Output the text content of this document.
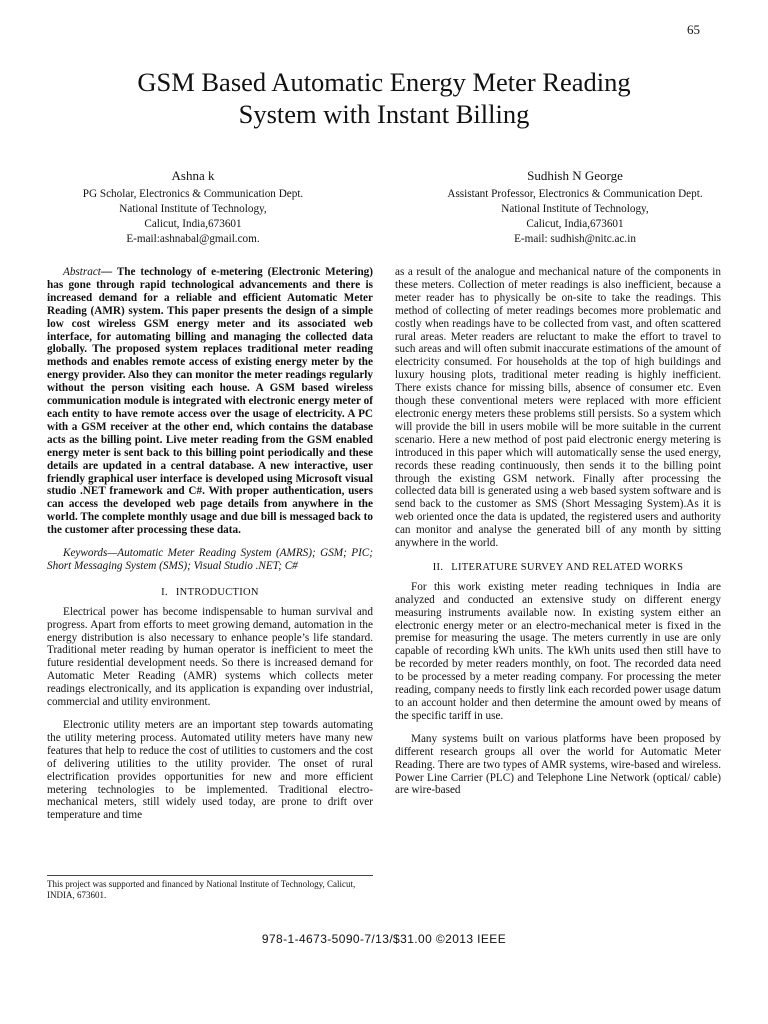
65
GSM Based Automatic Energy Meter Reading
System with Instant Billing
Ashna k
PG Scholar, Electronics & Communication Dept.
National Institute of Technology,
Calicut, India,673601
E-mail:ashnabal@gmail.com.
Sudhish N George
Assistant Professor, Electronics & Communication Dept.
National Institute of Technology,
Calicut, India,673601
E-mail: sudhish@nitc.ac.in

Abstract— The technology of e-metering (Electronic Metering) has gone through rapid technological advancements and there is increased demand for a reliable and efficient Automatic Meter Reading (AMR) system. This paper presents the design of a simple low cost wireless GSM energy meter and its associated web interface, for automating billing and managing the collected data globally. The proposed system replaces traditional meter reading methods and enables remote access of existing energy meter by the energy provider. Also they can monitor the meter readings regularly without the person visiting each house. A GSM based wireless communication module is integrated with electronic energy meter of each entity to have remote access over the usage of electricity. A PC with a GSM receiver at the other end, which contains the database acts as the billing point. Live meter reading from the GSM enabled energy meter is sent back to this billing point periodically and these details are updated in a central database. A new interactive, user friendly graphical user interface is developed using Microsoft visual studio .NET framework and C#. With proper authentication, users can access the developed web page details from anywhere in the world. The complete monthly usage and due bill is messaged back to the customer after processing these data.

Keywords—Automatic Meter Reading System (AMRS); GSM; PIC; Short Messaging System (SMS); Visual Studio .NET; C#

I. INTRODUCTION

Electrical power has become indispensable to human survival and progress. Apart from efforts to meet growing demand, automation in the energy distribution is also necessary to enhance people’s life standard. Traditional meter reading by human operator is inefficient to meet the future residential development needs. So there is increased demand for Automatic Meter Reading (AMR) systems which collects meter readings electronically, and its application is expanding over industrial, commercial and utility environment.

Electronic utility meters are an important step towards automating the utility metering process. Automated utility meters have many new features that help to reduce the cost of utilities to customers and the cost of delivering utilities to the utility provider. The onset of rural electrification provides opportunities for new and more efficient metering technologies to be implemented. Traditional electro-mechanical meters, still widely used today, are prone to drift over temperature and time

as a result of the analogue and mechanical nature of the components in these meters. Collection of meter readings is also inefficient, because a meter reader has to physically be on-site to take the readings. This method of collecting of meter readings becomes more problematic and costly when readings have to be collected from vast, and often scattered rural areas. Meter readers are reluctant to make the effort to travel to such areas and will often submit inaccurate estimations of the amount of electricity consumed. For households at the top of high buildings and luxury housing plots, traditional meter reading is highly inefficient. There exists chance for missing bills, absence of consumer etc. Even though these conventional meters were replaced with more efficient electronic energy meters these problems still persists. So a system which will provide the bill in users mobile will be more suitable in the current scenario. Here a new method of post paid electronic energy metering is introduced in this paper which will automatically sense the used energy, records these reading continuously, then sends it to the billing point through the existing GSM network. Finally after processing the collected data bill is generated using a web based system software and is send back to the customer as SMS (Short Messaging System).As it is web oriented once the data is updated, the registered users and authority can monitor and analyse the generated bill of any month by sitting anywhere in the world.

II. LITERATURE SURVEY AND RELATED WORKS

For this work existing meter reading techniques in India are analyzed and conducted an extensive study on different energy measuring instruments available now. In existing system either an electronic energy meter or an electro-mechanical meter is fixed in the premise for measuring the usage. The meters currently in use are only capable of recording kWh units. The kWh units used then still have to be recorded by meter readers monthly, on foot. The recorded data need to be processed by a meter reading company. For processing the meter reading, company needs to firstly link each recorded power usage datum to an account holder and then determine the amount owed by means of the specific tariff in use.

Many systems built on various platforms have been proposed by different research groups all over the world for Automatic Meter Reading. There are two types of AMR systems, wire-based and wireless. Power Line Carrier (PLC) and Telephone Line Network (optical/ cable) are wire-based

This project was supported and financed by National Institute of Technology, Calicut, INDIA, 673601.
978-1-4673-5090-7/13/$31.00 ©2013 IEEE
